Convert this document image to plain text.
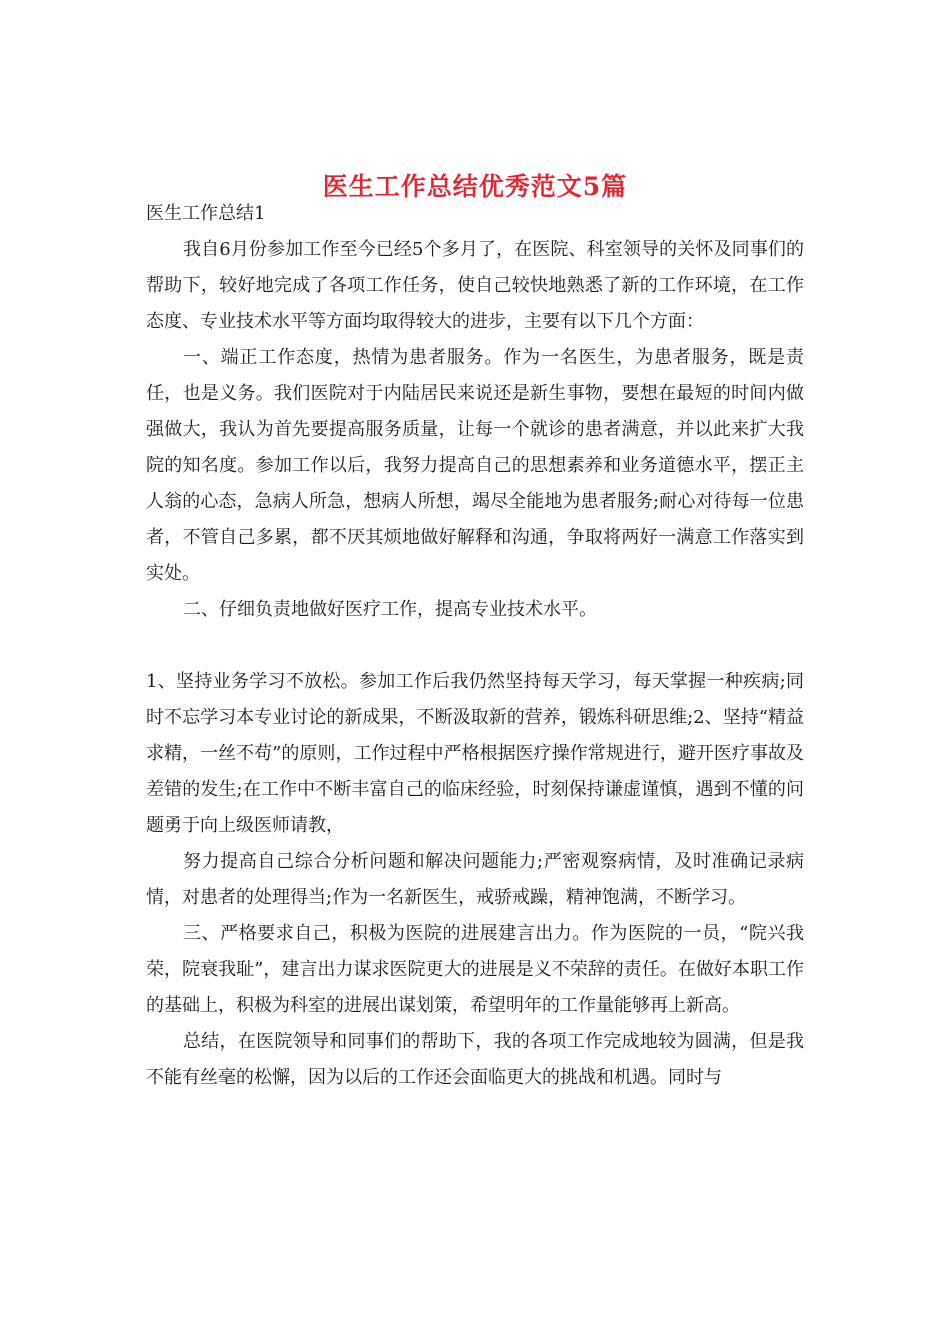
医生工作总结优秀范文5篇

医生工作总结1

我自6月份参加工作至今已经5个多月了，在医院、科室领导的关怀及同事们的帮助下，较好地完成了各项工作任务，使自己较快地熟悉了新的工作环境，在工作态度、专业技术水平等方面均取得较大的进步，主要有以下几个方面：

一、端正工作态度，热情为患者服务。作为一名医生，为患者服务，既是责任，也是义务。我们医院对于内陆居民来说还是新生事物，要想在最短的时间内做强做大，我认为首先要提高服务质量，让每一个就诊的患者满意，并以此来扩大我院的知名度。参加工作以后，我努力提高自己的思想素养和业务道德水平，摆正主人翁的心态，急病人所急，想病人所想，竭尽全能地为患者服务;耐心对待每一位患者，不管自己多累，都不厌其烦地做好解释和沟通，争取将两好一满意工作落实到实处。

二、仔细负责地做好医疗工作，提高专业技术水平。

1、坚持业务学习不放松。参加工作后我仍然坚持每天学习，每天掌握一种疾病;同时不忘学习本专业讨论的新成果，不断汲取新的营养，锻炼科研思维;2、坚持“精益求精，一丝不苟”的原则，工作过程中严格根据医疗操作常规进行，避开医疗事故及差错的发生;在工作中不断丰富自己的临床经验，时刻保持谦虚谨慎，遇到不懂的问题勇于向上级医师请教，

努力提高自己综合分析问题和解决问题能力;严密观察病情，及时准确记录病情，对患者的处理得当;作为一名新医生，戒骄戒躁，精神饱满，不断学习。

三、严格要求自己，积极为医院的进展建言出力。作为医院的一员，“院兴我荣，院衰我耻”，建言出力谋求医院更大的进展是义不荣辞的责任。在做好本职工作的基础上，积极为科室的进展出谋划策，希望明年的工作量能够再上新高。

总结，在医院领导和同事们的帮助下，我的各项工作完成地较为圆满，但是我不能有丝毫的松懈，因为以后的工作还会面临更大的挑战和机遇。同时与
